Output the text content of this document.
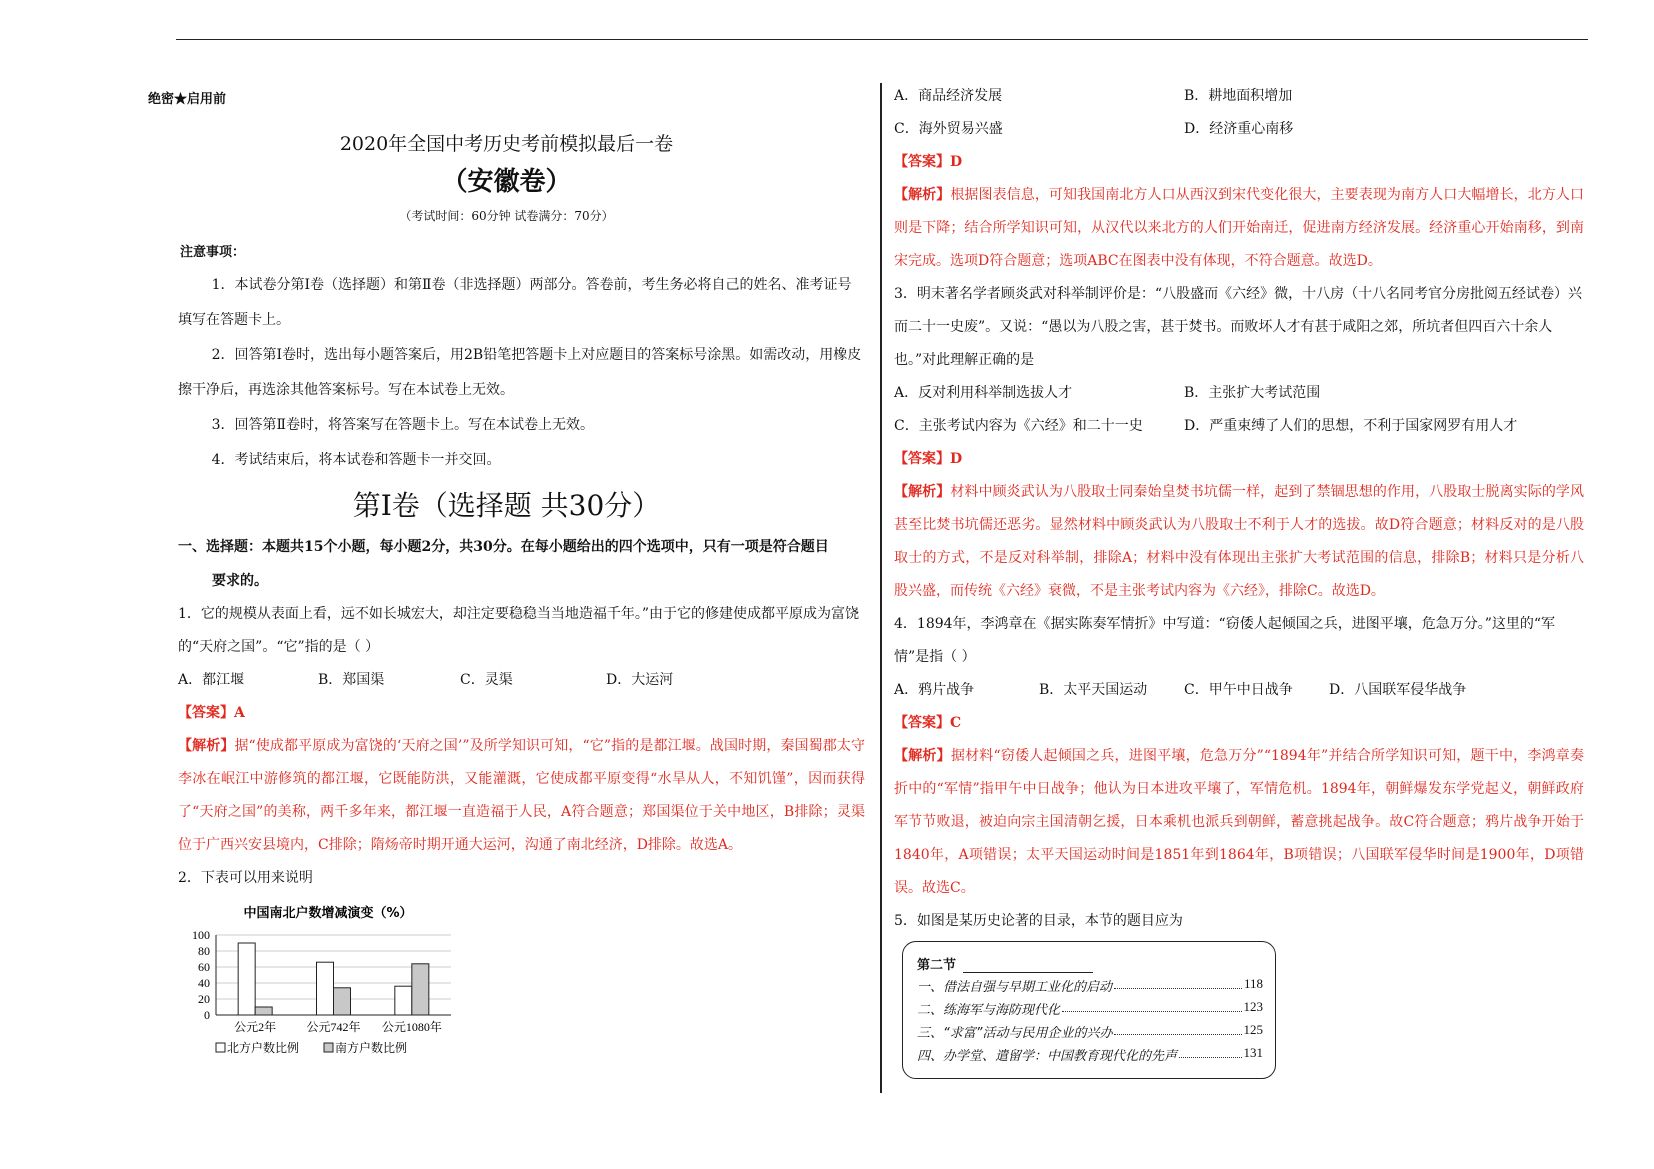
绝密★启用前
2020年全国中考历史考前模拟最后一卷
（安徽卷）
（考试时间：60分钟 试卷满分：70分）
注意事项：
1．本试卷分第Ⅰ卷（选择题）和第Ⅱ卷（非选择题）两部分。答卷前，考生务必将自己的姓名、准考证号填写在答题卡上。
2．回答第Ⅰ卷时，选出每小题答案后，用2B铅笔把答题卡上对应题目的答案标号涂黑。如需改动，用橡皮擦干净后，再选涂其他答案标号。写在本试卷上无效。
3．回答第Ⅱ卷时，将答案写在答题卡上。写在本试卷上无效。
4．考试结束后，将本试卷和答题卡一并交回。
第Ⅰ卷（选择题 共30分）
一、选择题：本题共15个小题，每小题2分，共30分。在每小题给出的四个选项中，只有一项是符合题目
要求的。
1．它的规模从表面上看，远不如长城宏大，却注定要稳稳当当地造福千年。”由于它的修建使成都平原成为富饶的“天府之国”。“它”指的是（ ）
A．都江堰	B．郑国渠	C．灵渠	D．大运河
【答案】A
【解析】据“使成都平原成为富饶的‘天府之国’”及所学知识可知，“它”指的是都江堰。战国时期，秦国蜀郡太守李冰在岷江中游修筑的都江堰，它既能防洪，又能灌溉，它使成都平原变得“水旱从人，不知饥馑”，因而获得了“天府之国”的美称，两千多年来，都江堰一直造福于人民，A符合题意；郑国渠位于关中地区，B排除；灵渠位于广西兴安县境内，C排除；隋炀帝时期开通大运河，沟通了南北经济，D排除。故选A。
2．下表可以用来说明
中国南北户数增减演变（%）
0
20
40
60
80
100
公元2年	公元742年 公元1080年
北方户数比例	南方户数比例
A．商品经济发展	B．耕地面积增加
C．海外贸易兴盛	D．经济重心南移
【答案】D
【解析】根据图表信息，可知我国南北方人口从西汉到宋代变化很大，主要表现为南方人口大幅增长，北方人口则是下降；结合所学知识可知，从汉代以来北方的人们开始南迁，促进南方经济发展。经济重心开始南移，到南宋完成。选项D符合题意；选项ABC在图表中没有体现，不符合题意。故选D。
3．明末著名学者顾炎武对科举制评价是：“八股盛而《六经》微，十八房（十八名同考官分房批阅五经试卷）兴而二十一史废”。又说：“愚以为八股之害，甚于焚书。而败坏人才有甚于咸阳之郊，所坑者但四百六十余人也。”对此理解正确的是
A．反对利用科举制选拔人才	B．主张扩大考试范围
C．主张考试内容为《六经》和二十一史	D．严重束缚了人们的思想，不利于国家网罗有用人才
【答案】D
【解析】材料中顾炎武认为八股取士同秦始皇焚书坑儒一样，起到了禁锢思想的作用，八股取士脱离实际的学风甚至比焚书坑儒还恶劣。显然材料中顾炎武认为八股取士不利于人才的选拔。故D符合题意；材料反对的是八股取士的方式，不是反对科举制，排除A；材料中没有体现出主张扩大考试范围的信息，排除B；材料只是分析八股兴盛，而传统《六经》衰微，不是主张考试内容为《六经》，排除C。故选D。
4．1894年，李鸿章在《据实陈奏军情折》中写道：“窃倭人起倾国之兵，进图平壤，危急万分。”这里的“军情”是指（ ）
A．鸦片战争	B．太平天国运动	C．甲午中日战争	D．八国联军侵华战争
【答案】C
【解析】据材料“窃倭人起倾国之兵，进图平壤，危急万分”“1894年”并结合所学知识可知，题干中，李鸿章奏折中的“军情”指甲午中日战争；他认为日本进攻平壤了，军情危机。1894年，朝鲜爆发东学党起义，朝鲜政府军节节败退，被迫向宗主国清朝乞援，日本乘机也派兵到朝鲜，蓄意挑起战争。故C符合题意；鸦片战争开始于1840年，A项错误；太平天国运动时间是1851年到1864年，B项错误；八国联军侵华时间是1900年，D项错误。故选C。
5．如图是某历史论著的目录，本节的题目应为
第二节
一、借法自强与早期工业化的启动	118
二、练海军与海防现代化	123
三、“求富”活动与民用企业的兴办	125
四、办学堂、遣留学：中国教育现代化的先声	131
